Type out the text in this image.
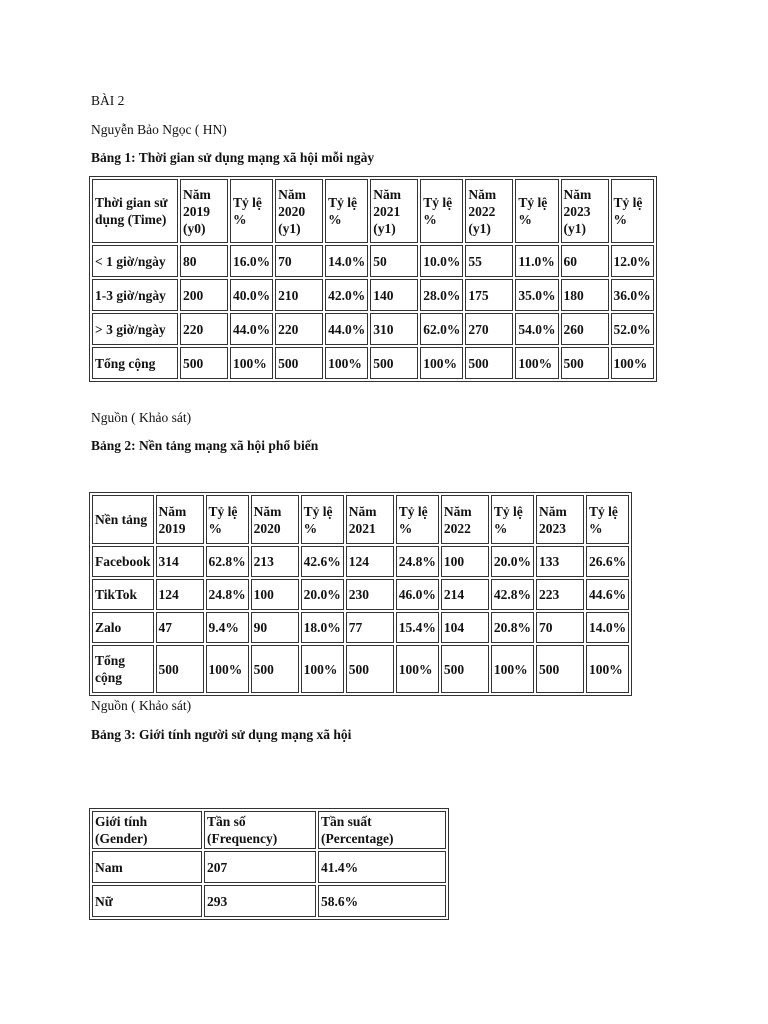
BÀI 2
Nguyễn Bảo Ngọc ( HN)
Bảng 1: Thời gian sử dụng mạng xã hội mỗi ngày
Thời gian sử dụng (Time)	Năm 2019 (y0)	Tỷ lệ %	Năm 2020 (y1)	Tỷ lệ %	Năm 2021 (y1)	Tỷ lệ %	Năm 2022 (y1)	Tỷ lệ %	Năm 2023 (y1)	Tỷ lệ %
< 1 giờ/ngày	80	16.0%	70	14.0%	50	10.0%	55	11.0%	60	12.0%
1-3 giờ/ngày	200	40.0%	210	42.0%	140	28.0%	175	35.0%	180	36.0%
> 3 giờ/ngày	220	44.0%	220	44.0%	310	62.0%	270	54.0%	260	52.0%
Tổng cộng	500	100%	500	100%	500	100%	500	100%	500	100%
Nguồn ( Khảo sát)
Bảng 2: Nền tảng mạng xã hội phổ biến
Nền tảng	Năm 2019	Tỷ lệ %	Năm 2020	Tỷ lệ %	Năm 2021	Tỷ lệ %	Năm 2022	Tỷ lệ %	Năm 2023	Tỷ lệ %
Facebook	314	62.8%	213	42.6%	124	24.8%	100	20.0%	133	26.6%
TikTok	124	24.8%	100	20.0%	230	46.0%	214	42.8%	223	44.6%
Zalo	47	9.4%	90	18.0%	77	15.4%	104	20.8%	70	14.0%
Tổng cộng	500	100%	500	100%	500	100%	500	100%	500	100%
Nguồn ( Khảo sát)
Bảng 3: Giới tính người sử dụng mạng xã hội
Giới tính (Gender)	Tần số (Frequency)	Tần suất (Percentage)
Nam	207	41.4%
Nữ	293	58.6%
